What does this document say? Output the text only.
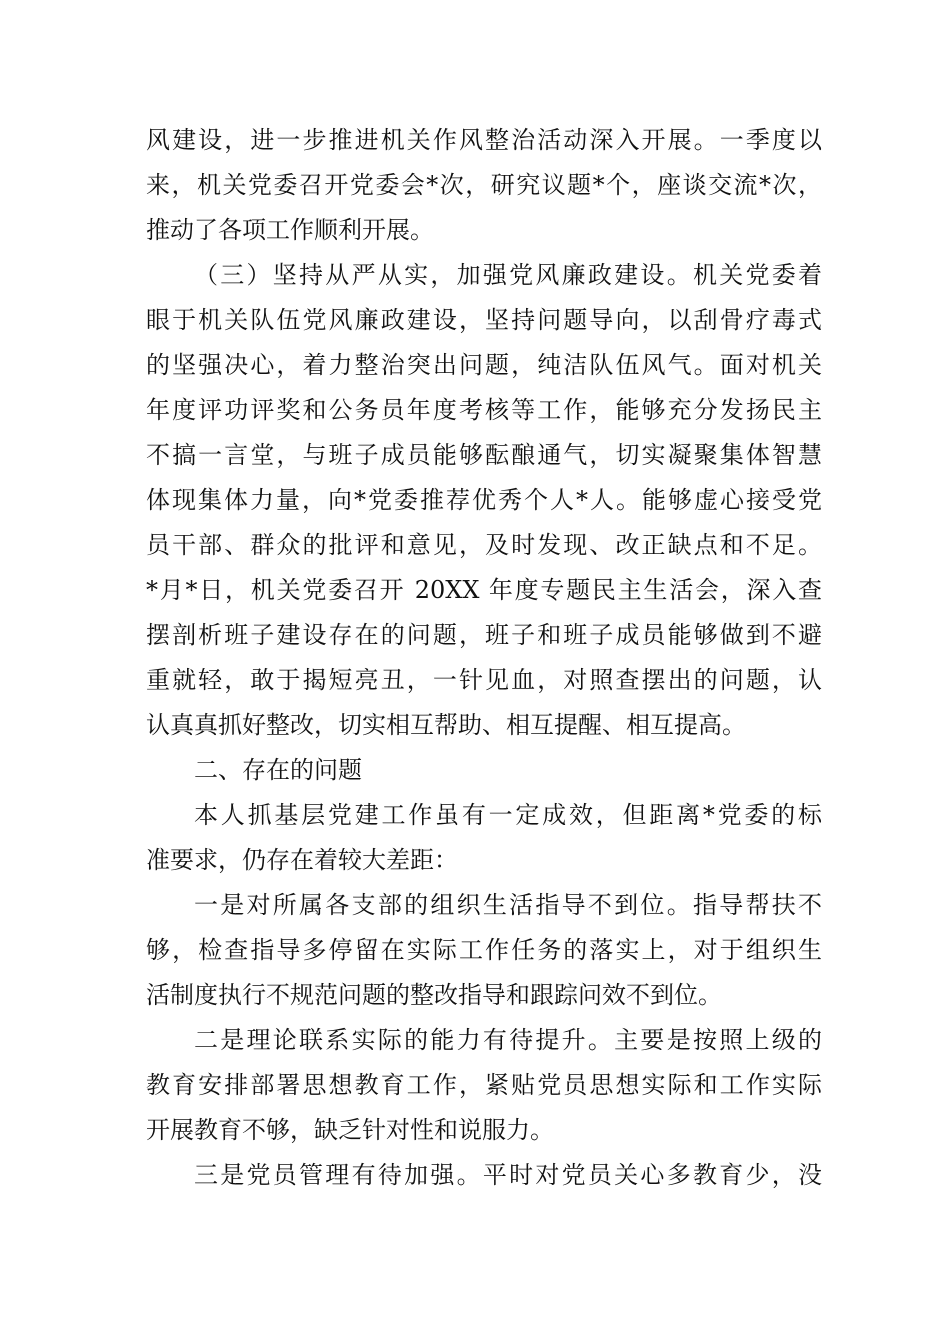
风建设，进一步推进机关作风整治活动深入开展。一季度以
来，机关党委召开党委会*次，研究议题*个，座谈交流*次，
推动了各项工作顺利开展。
（三）坚持从严从实，加强党风廉政建设。机关党委着
眼于机关队伍党风廉政建设，坚持问题导向，以刮骨疗毒式
的坚强决心，着力整治突出问题，纯洁队伍风气。面对机关
年度评功评奖和公务员年度考核等工作，能够充分发扬民主
不搞一言堂，与班子成员能够酝酿通气，切实凝聚集体智慧
体现集体力量，向*党委推荐优秀个人*人。能够虚心接受党
员干部、群众的批评和意见，及时发现、改正缺点和不足。
*月*日，机关党委召开 20XX 年度专题民主生活会，深入查
摆剖析班子建设存在的问题，班子和班子成员能够做到不避
重就轻，敢于揭短亮丑，一针见血，对照查摆出的问题，认
认真真抓好整改，切实相互帮助、相互提醒、相互提高。
二、存在的问题
本人抓基层党建工作虽有一定成效，但距离*党委的标
准要求，仍存在着较大差距：
一是对所属各支部的组织生活指导不到位。指导帮扶不
够，检查指导多停留在实际工作任务的落实上，对于组织生
活制度执行不规范问题的整改指导和跟踪问效不到位。
二是理论联系实际的能力有待提升。主要是按照上级的
教育安排部署思想教育工作，紧贴党员思想实际和工作实际
开展教育不够，缺乏针对性和说服力。
三是党员管理有待加强。平时对党员关心多教育少，没
